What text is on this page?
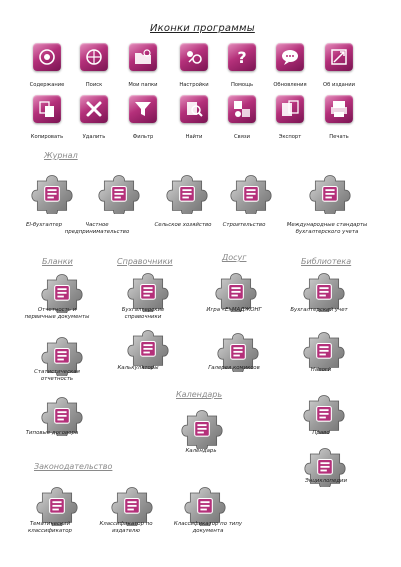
Иконки программы
Содержание	Поиск	Мои папки	Настройки
?
Помощь	Обновления	Об издании
Копировать	Удалить	Фильтр	Найти	Связи	Экспорт	Печать
El-бухгалтер	Частное предпринимательство
Сельское хозяйство	Строительство	Международные стандарты бухгалтерского учета
Отчетность и первичные документы
Статистическая отчетность
Типовые договора
Бухгалтерские справочники
Калькуляторы
Игра «El-МАДЖОНГ
Галерея комиксов
Бухгалтерский учет
Налоги
Право
Энциклопедии
Календарь
Тематический классификатор
Классификатор по издателю
Классификатор по типу документа
Журнал
Бланки	Справочники	Досуг	Библиотека
Календарь
Законодательство
